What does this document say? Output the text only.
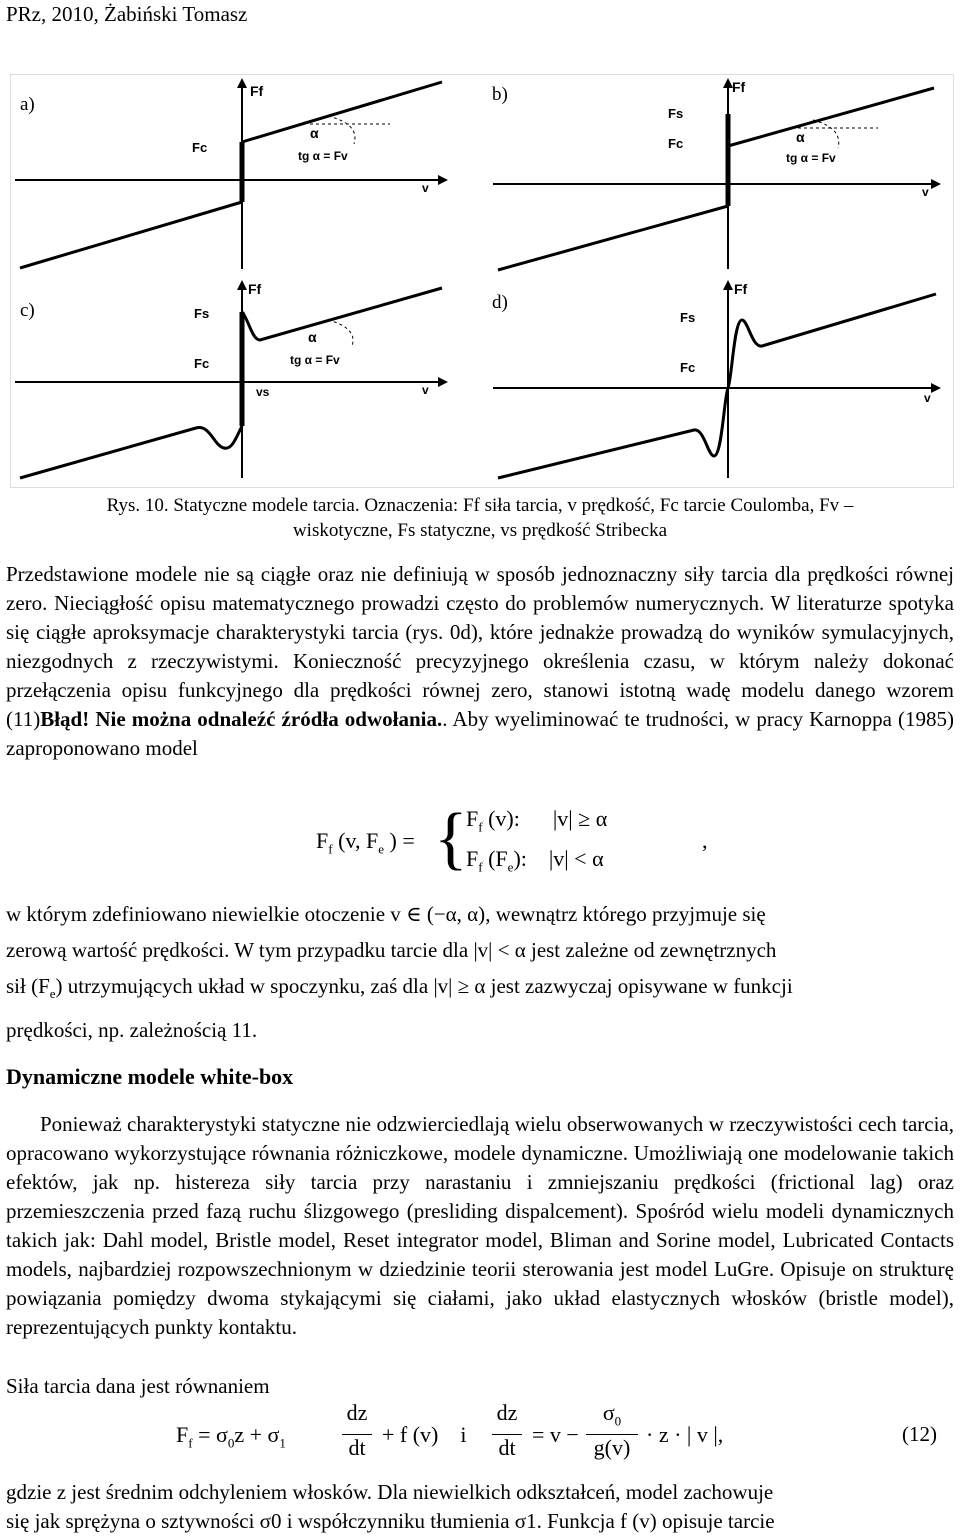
PRz, 2010, Żabiński Tomasz
a)	b)
c)	d)
Ff
Fc
α
tg α = Fv
v
Ff
Fs
Fc	α
tg α = Fv
v
Ff
Fs
Fc
α
tg α = Fv
vs	v
Ff
Fs
Fc
v
Rys. 10. Statyczne modele tarcia. Oznaczenia: Ff siła tarcia, v prędkość, Fc tarcie Coulomba, Fv –
wiskotyczne, Fs statyczne, vs prędkość Stribecka
Przedstawione modele nie są ciągłe oraz nie definiują w sposób jednoznaczny siły tarcia dla prędkości równej zero. Nieciągłość opisu matematycznego prowadzi często do problemów numerycznych. W literaturze spotyka się ciągłe aproksymacje charakterystyki tarcia (rys. 0d), które jednakże prowadzą do wyników symulacyjnych, niezgodnych z rzeczywistymi. Konieczność precyzyjnego określenia czasu, w którym należy dokonać przełączenia opisu funkcyjnego dla prędkości równej zero, stanowi istotną wadę modelu danego wzorem (11)Błąd! Nie można odnaleźć źródła odwołania.. Aby wyeliminować te trudności, w pracy Karnoppa (1985) zaproponowano model
$F_f$ (v, $F_e$ ) = {
$F_f$ (v):      |v| ≥ α
$F_f$ $(F_e)$:    |v| < α
,
w którym zdefiniowano niewielkie otoczenie v ∈ (−α, α), wewnątrz którego przyjmuje się
zerową wartość prędkości. W tym przypadku tarcie dla |v| < α jest zależne od zewnętrznych
sił $(F_e)$ utrzymujących układ w spoczynku, zaś dla |v| ≥ α jest zazwyczaj opisywane w funkcji
prędkości, np. zależnością 11.
Dynamiczne modele white-box
Ponieważ charakterystyki statyczne nie odzwierciedlają wielu obserwowanych w rzeczywistości cech tarcia, opracowano wykorzystujące równania różniczkowe, modele dynamiczne. Umożliwiają one modelowanie takich efektów, jak np. histereza siły tarcia przy narastaniu i zmniejszaniu prędkości (frictional lag) oraz przemieszczenia przed fazą ruchu ślizgowego (presliding dispalcement). Spośród wielu modeli dynamicznych takich jak: Dahl model, Bristle model, Reset integrator model, Bliman and Sorine model, Lubricated Contacts models, najbardziej rozpowszechnionym w dziedzinie teorii sterowania jest model LuGre. Opisuje on strukturę powiązania pomiędzy dwoma stykającymi się ciałami, jako układ elastycznych włosków (bristle model), reprezentujących punkty kontaktu.
Siła tarcia dana jest równaniem
$F_f = \sigma_0z + \sigma_1$
dz
dt
+ f (v)    i
dz
dt
= v −
$\sigma_0$
g(v)
· z · | v |,	(12)
gdzie z jest średnim odchyleniem włosków. Dla niewielkich odkształceń, model zachowuje
się jak sprężyna o sztywności σ0 i współczynniku tłumienia σ1. Funkcja f (v) opisuje tarcie
